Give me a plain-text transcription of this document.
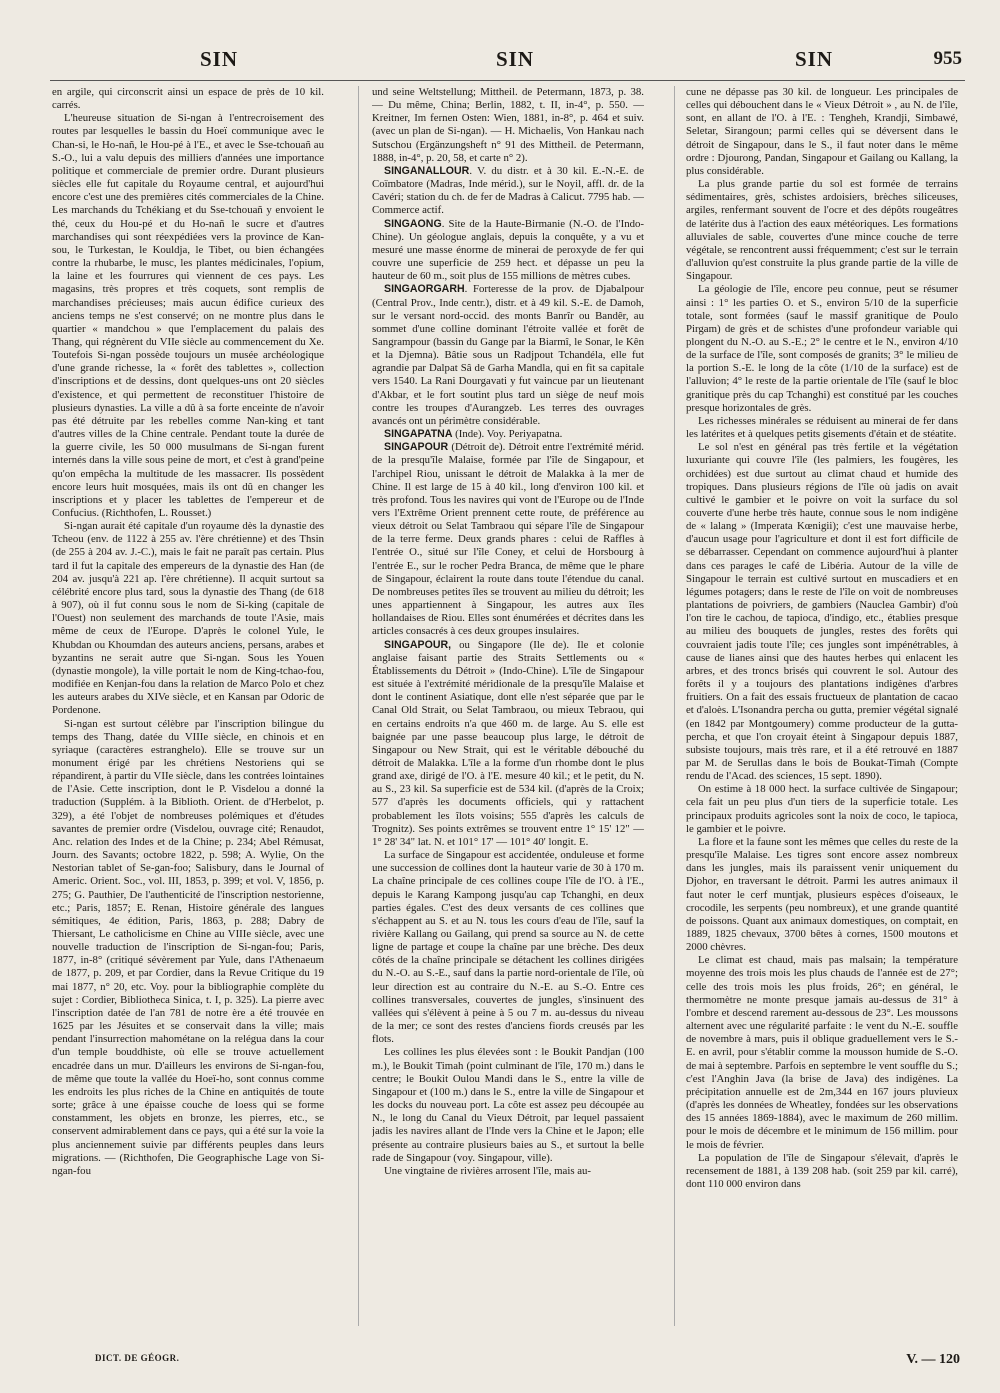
SIN	SIN	SIN	955

en argile, qui circonscrit ainsi un espace de près de 10 kil. carrés.

L'heureuse situation de Si-ngan à l'entrecroisement des routes par lesquelles le bassin du Hoeï communique avec le Chan-si, le Ho-nañ, le Hou-pé à l'E., et avec le Sse-tchouañ au S.-O., lui a valu depuis des milliers d'années une importance politique et commerciale de premier ordre. Durant plusieurs siècles elle fut capitale du Royaume central, et aujourd'hui encore c'est une des premières cités commerciales de la Chine. Les marchands du Tchékiang et du Sse-tchouañ y envoient le thé, ceux du Hou-pé et du Ho-nañ le sucre et d'autres marchandises qui sont réexpédiées vers la province de Kan-sou, le Turkestan, le Kouldja, le Tibet, ou bien échangées contre la rhubarbe, le musc, les plantes médicinales, l'opium, la laine et les fourrures qui viennent de ces pays. Les magasins, très propres et très coquets, sont remplis de marchandises précieuses; mais aucun édifice curieux des anciens temps ne s'est conservé; on ne montre plus dans le quartier « mandchou » que l'emplacement du palais des Thang, qui régnèrent du VIIe siècle au commencement du Xe. Toutefois Si-ngan possède toujours un musée archéologique d'une grande richesse, la « forêt des tablettes », collection d'inscriptions et de dessins, dont quelques-uns ont 20 siècles d'existence, et qui permettent de reconstituer l'histoire de plusieurs dynasties. La ville a dû à sa forte enceinte de n'avoir pas été détruite par les rebelles comme Nan-king et tant d'autres villes de la Chine centrale. Pendant toute la durée de la guerre civile, les 50 000 musulmans de Si-ngan furent internés dans la ville sous peine de mort, et c'est à grand'peine qu'on empêcha la multitude de les massacrer. Ils possèdent encore leurs huit mosquées, mais ils ont dû en changer les inscriptions et y placer les tablettes de l'empereur et de Confucius. (Richthofen, L. Rousset.)

Si-ngan aurait été capitale d'un royaume dès la dynastie des Tcheou (env. de 1122 à 255 av. l'ère chrétienne) et des Thsin (de 255 à 204 av. J.-C.), mais le fait ne paraît pas certain. Plus tard il fut la capitale des empereurs de la dynastie des Han (de 204 av. jusqu'à 221 ap. l'ère chrétienne). Il acquit surtout sa célébrité encore plus tard, sous la dynastie des Thang (de 618 à 907), où il fut connu sous le nom de Si-king (capitale de l'Ouest) non seulement des marchands de toute l'Asie, mais même de ceux de l'Europe. D'après le colonel Yule, le Khubdan ou Khoumdan des auteurs anciens, persans, arabes et byzantins ne serait autre que Si-ngan. Sous les Youen (dynastie mongole), la ville portait le nom de King-tchao-fou, modifiée en Kenjan-fou dans la relation de Marco Polo et chez les auteurs arabes du XIVe siècle, et en Kansan par Odoric de Pordenone.

Si-ngan est surtout célèbre par l'inscription bilingue du temps des Thang, datée du VIIIe siècle, en chinois et en syriaque (caractères estranghelo). Elle se trouve sur un monument érigé par les chrétiens Nestoriens qui se répandirent, à partir du VIIe siècle, dans les contrées lointaines de l'Asie. Cette inscription, dont le P. Visdelou a donné la traduction (Supplém. à la Biblioth. Orient. de d'Herbelot, p. 329), a été l'objet de nombreuses polémiques et d'études savantes de premier ordre (Visdelou, ouvrage cité; Renaudot, Anc. relation des Indes et de la Chine; p. 234; Abel Rémusat, Journ. des Savants; octobre 1822, p. 598; A. Wylie, On the Nestorian tablet of Se-gan-foo; Salisbury, dans le Journal of Americ. Orient. Soc., vol. III, 1853, p. 399; et vol. V, 1856, p. 275; G. Pauthier, De l'authenticité de l'inscription nestorienne, etc.; Paris, 1857; E. Renan, Histoire générale des langues sémitiques, 4e édition, Paris, 1863, p. 288; Dabry de Thiersant, Le catholicisme en Chine au VIIIe siècle, avec une nouvelle traduction de l'inscription de Si-ngan-fou; Paris, 1877, in-8° (critiqué sévèrement par Yule, dans l'Athenaeum de 1877, p. 209, et par Cordier, dans la Revue Critique du 19 mai 1877, n° 20, etc. Voy. pour la bibliographie complète du sujet : Cordier, Bibliotheca Sinica, t. I, p. 325). La pierre avec l'inscription datée de l'an 781 de notre ère a été trouvée en 1625 par les Jésuites et se conservait dans la ville; mais pendant l'insurrection mahométane on la relégua dans la cour d'un temple bouddhiste, où elle se trouve actuellement encadrée dans un mur. D'ailleurs les environs de Si-ngan-fou, de même que toute la vallée du Hoeï-ho, sont connus comme les endroits les plus riches de la Chine en antiquités de toute sorte; grâce à une épaisse couche de loess qui se forme constamment, les objets en bronze, les pierres, etc., se conservent admirablement dans ce pays, qui a été sur la voie la plus anciennement suivie par différents peuples dans leurs migrations. — (Richthofen, Die Geographische Lage von Si-ngan-fou

und seine Weltstellung; Mittheil. de Petermann, 1873, p. 38. — Du même, China; Berlin, 1882, t. II, in-4°, p. 550. — Kreitner, Im fernen Osten: Wien, 1881, in-8°, p. 464 et suiv. (avec un plan de Si-ngan). — H. Michaelis, Von Hankau nach Sutschou (Ergänzungsheft n° 91 des Mittheil. de Petermann, 1888, in-4°, p. 20, 58, et carte n° 2).

SINGANALLOUR. V. du distr. et à 30 kil. E.-N.-E. de Coïmbatore (Madras, Inde mérid.), sur le Noyil, affl. dr. de la Cavéri; station du ch. de fer de Madras à Calicut. 7795 hab. — Commerce actif.

SINGAONG. Site de la Haute-Birmanie (N.-O. de l'Indo-Chine). Un géologue anglais, depuis la conquête, y a vu et mesuré une masse énorme de minerai de peroxyde de fer qui couvre une superficie de 259 hect. et dépasse un peu la hauteur de 60 m., soit plus de 155 millions de mètres cubes.

SINGAORGARH. Forteresse de la prov. de Djabalpour (Central Prov., Inde centr.), distr. et à 49 kil. S.-E. de Damoh, sur le versant nord-occid. des monts Banrîr ou Bandêr, au sommet d'une colline dominant l'étroite vallée et forêt de Sangrampour (bassin du Gange par la Biarmî, le Sonar, le Kên et la Djemna). Bâtie sous un Radjpout Tchandéla, elle fut agrandie par Dalpat Sâ de Garha Mandla, qui en fit sa capitale vers 1540. La Rani Dourgavati y fut vaincue par un lieutenant d'Akbar, et le fort soutint plus tard un siège de neuf mois contre les troupes d'Aurangzeb. Les terres des ouvrages avancés ont un périmètre considérable.

SINGAPATNA (Inde). Voy. Periyapatna.

SINGAPOUR (Détroit de). Détroit entre l'extrémité mérid. de la presqu'île Malaise, formée par l'île de Singapour, et l'archipel Riou, unissant le détroit de Malakka à la mer de Chine. Il est large de 15 à 40 kil., long d'environ 100 kil. et très profond. Tous les navires qui vont de l'Europe ou de l'Inde vers l'Extrême Orient prennent cette route, de préférence au vieux détroit ou Selat Tambraou qui sépare l'île de Singapour de la terre ferme. Deux grands phares : celui de Raffles à l'entrée O., situé sur l'île Coney, et celui de Horsbourg à l'entrée E., sur le rocher Pedra Branca, de même que le phare de Singapour, éclairent la route dans toute l'étendue du canal. De nombreuses petites îles se trouvent au milieu du détroit; les unes appartiennent à Singapour, les autres aux îles hollandaises de Riou. Elles sont énumérées et décrites dans les articles consacrés à ces deux groupes insulaires.

SINGAPOUR, ou Singapore (Ile de). Ile et colonie anglaise faisant partie des Straits Settlements ou « Établissements du Détroit » (Indo-Chine). L'île de Singapour est située à l'extrémité méridionale de la presqu'île Malaise et dont le continent Asiatique, dont elle n'est séparée que par le Canal Old Strait, ou Selat Tambraou, ou mieux Tebraou, qui en certains endroits n'a que 460 m. de large. Au S. elle est baignée par une passe beaucoup plus large, le détroit de Singapour ou New Strait, qui est le véritable débouché du détroit de Malakka. L'île a la forme d'un rhombe dont le plus grand axe, dirigé de l'O. à l'E. mesure 40 kil.; et le petit, du N. au S., 23 kil. Sa superficie est de 534 kil. (d'après de la Croix; 577 d'après les documents officiels, qui y rattachent probablement les îlots voisins; 555 d'après les calculs de Trognitz). Ses points extrêmes se trouvent entre 1° 15' 12" — 1° 28' 34" lat. N. et 101° 17' — 101° 40' longit. E.

La surface de Singapour est accidentée, onduleuse et forme une succession de collines dont la hauteur varie de 30 à 170 m. La chaîne principale de ces collines coupe l'île de l'O. à l'E., depuis le Karang Kampong jusqu'au cap Tchanghi, en deux parties égales. C'est des deux versants de ces collines que s'échappent au S. et au N. tous les cours d'eau de l'île, sauf la rivière Kallang ou Gailang, qui prend sa source au N. de cette ligne de partage et coupe la chaîne par une brèche. Des deux côtés de la chaîne principale se détachent les collines dirigées du N.-O. au S.-E., sauf dans la partie nord-orientale de l'île, où leur direction est au contraire du N.-E. au S.-O. Entre ces collines transversales, couvertes de jungles, s'insinuent des vallées qui s'élèvent à peine à 5 ou 7 m. au-dessus du niveau de la mer; ce sont des restes d'anciens fiords creusés par les flots.

Les collines les plus élevées sont : le Boukit Pandjan (100 m.), le Boukit Timah (point culminant de l'île, 170 m.) dans le centre; le Boukit Oulou Mandi dans le S., entre la ville de Singapour et (100 m.) dans le S., entre la ville de Singapour et les docks du nouveau port. La côte est assez peu découpée au N., le long du Canal du Vieux Détroit, par lequel passaient jadis les navires allant de l'Inde vers la Chine et le Japon; elle présente au contraire plusieurs baies au S., et surtout la belle rade de Singapour (voy. Singapour, ville).

Une vingtaine de rivières arrosent l'île, mais au-

cune ne dépasse pas 30 kil. de longueur. Les principales de celles qui débouchent dans le « Vieux Détroit » , au N. de l'île, sont, en allant de l'O. à l'E. : Tengheh, Krandji, Simbawé, Seletar, Sirangoun; parmi celles qui se déversent dans le détroit de Singapour, dans le S., il faut noter dans le même ordre : Djourong, Pandan, Singapour et Gailang ou Kallang, la plus considérable.

La plus grande partie du sol est formée de terrains sédimentaires, grès, schistes ardoisiers, brèches siliceuses, argiles, renfermant souvent de l'ocre et des dépôts rougeâtres de latérite dus à l'action des eaux météoriques. Les formations alluviales de sable, couvertes d'une mince couche de terre végétale, se rencontrent aussi fréquemment; c'est sur le terrain d'alluvion qu'est construite la plus grande partie de la ville de Singapour.

La géologie de l'île, encore peu connue, peut se résumer ainsi : 1° les parties O. et S., environ 5/10 de la superficie totale, sont formées (sauf le massif granitique de Poulo Pirgam) de grès et de schistes d'une profondeur variable qui plongent du N.-O. au S.-E.; 2° le centre et le N., environ 4/10 de la surface de l'île, sont composés de granits; 3° le milieu de la portion S.-E. le long de la côte (1/10 de la surface) est de l'alluvion; 4° le reste de la partie orientale de l'île (sauf le bloc granitique près du cap Tchanghi) est constitué par les couches presque horizontales de grès.

Les richesses minérales se réduisent au minerai de fer dans les latérites et à quelques petits gisements d'étain et de stéatite.

Le sol n'est en général pas très fertile et la végétation luxuriante qui couvre l'île (les palmiers, les fougères, les orchidées) est due surtout au climat chaud et humide des tropiques. Dans plusieurs régions de l'île où jadis on avait cultivé le gambier et le poivre on voit la surface du sol couverte d'une herbe très haute, connue sous le nom indigène de « lalang » (Imperata Kœnigii); c'est une mauvaise herbe, d'aucun usage pour l'agriculture et dont il est fort difficile de se débarrasser. Cependant on commence aujourd'hui à planter dans ces parages le café de Libéria. Autour de la ville de Singapour le terrain est cultivé surtout en muscadiers et en légumes potagers; dans le reste de l'île on voit de nombreuses plantations de poivriers, de gambiers (Nauclea Gambir) d'où l'on tire le cachou, de tapioca, d'indigo, etc., établies presque au milieu des bouquets de jungles, restes des forêts qui couvraient jadis toute l'île; ces jungles sont impénétrables, à cause de lianes ainsi que des hautes herbes qui enlacent les arbres, et des troncs brisés qui couvrent le sol. Autour des forêts il y a toujours des plantations indigènes d'arbres fruitiers. On a fait des essais fructueux de plantation de cacao et d'aloès. L'Isonandra percha ou gutta, premier végétal signalé (en 1842 par Montgoumery) comme producteur de la gutta-percha, et que l'on croyait éteint à Singapour depuis 1887, subsiste toujours, mais très rare, et il a été retrouvé en 1887 par M. de Serullas dans le bois de Boukat-Timah (Compte rendu de l'Acad. des sciences, 15 sept. 1890).

On estime à 18 000 hect. la surface cultivée de Singapour; cela fait un peu plus d'un tiers de la superficie totale. Les principaux produits agricoles sont la noix de coco, le tapioca, le gambier et le poivre.

La flore et la faune sont les mêmes que celles du reste de la presqu'île Malaise. Les tigres sont encore assez nombreux dans les jungles, mais ils paraissent venir uniquement du Djohor, en traversant le détroit. Parmi les autres animaux il faut noter le cerf muntjak, plusieurs espèces d'oiseaux, le crocodile, les serpents (peu nombreux), et une grande quantité de poissons. Quant aux animaux domestiques, on comptait, en 1889, 1825 chevaux, 3700 bêtes à cornes, 1500 moutons et 2000 chèvres.

Le climat est chaud, mais pas malsain; la température moyenne des trois mois les plus chauds de l'année est de 27°; celle des trois mois les plus froids, 26°; en général, le thermomètre ne monte presque jamais au-dessus de 31° à l'ombre et descend rarement au-dessous de 23°. Les moussons alternent avec une régularité parfaite : le vent du N.-E. souffle de novembre à mars, puis il oblique graduellement vers le S.-E. en avril, pour s'établir comme la mousson humide de S.-O. de mai à septembre. Parfois en septembre le vent souffle du S.; c'est l'Anghin Java (la brise de Java) des indigènes. La précipitation annuelle est de 2m,344 en 167 jours pluvieux (d'après les données de Wheatley, fondées sur les observations des 15 années 1869-1884), avec le maximum de 260 millim. pour le mois de décembre et le minimum de 156 millim. pour le mois de février.

La population de l'île de Singapour s'élevait, d'après le recensement de 1881, à 139 208 hab. (soit 259 par kil. carré), dont 110 000 environ dans

DICT. DE GÉOGR.	V. — 120
